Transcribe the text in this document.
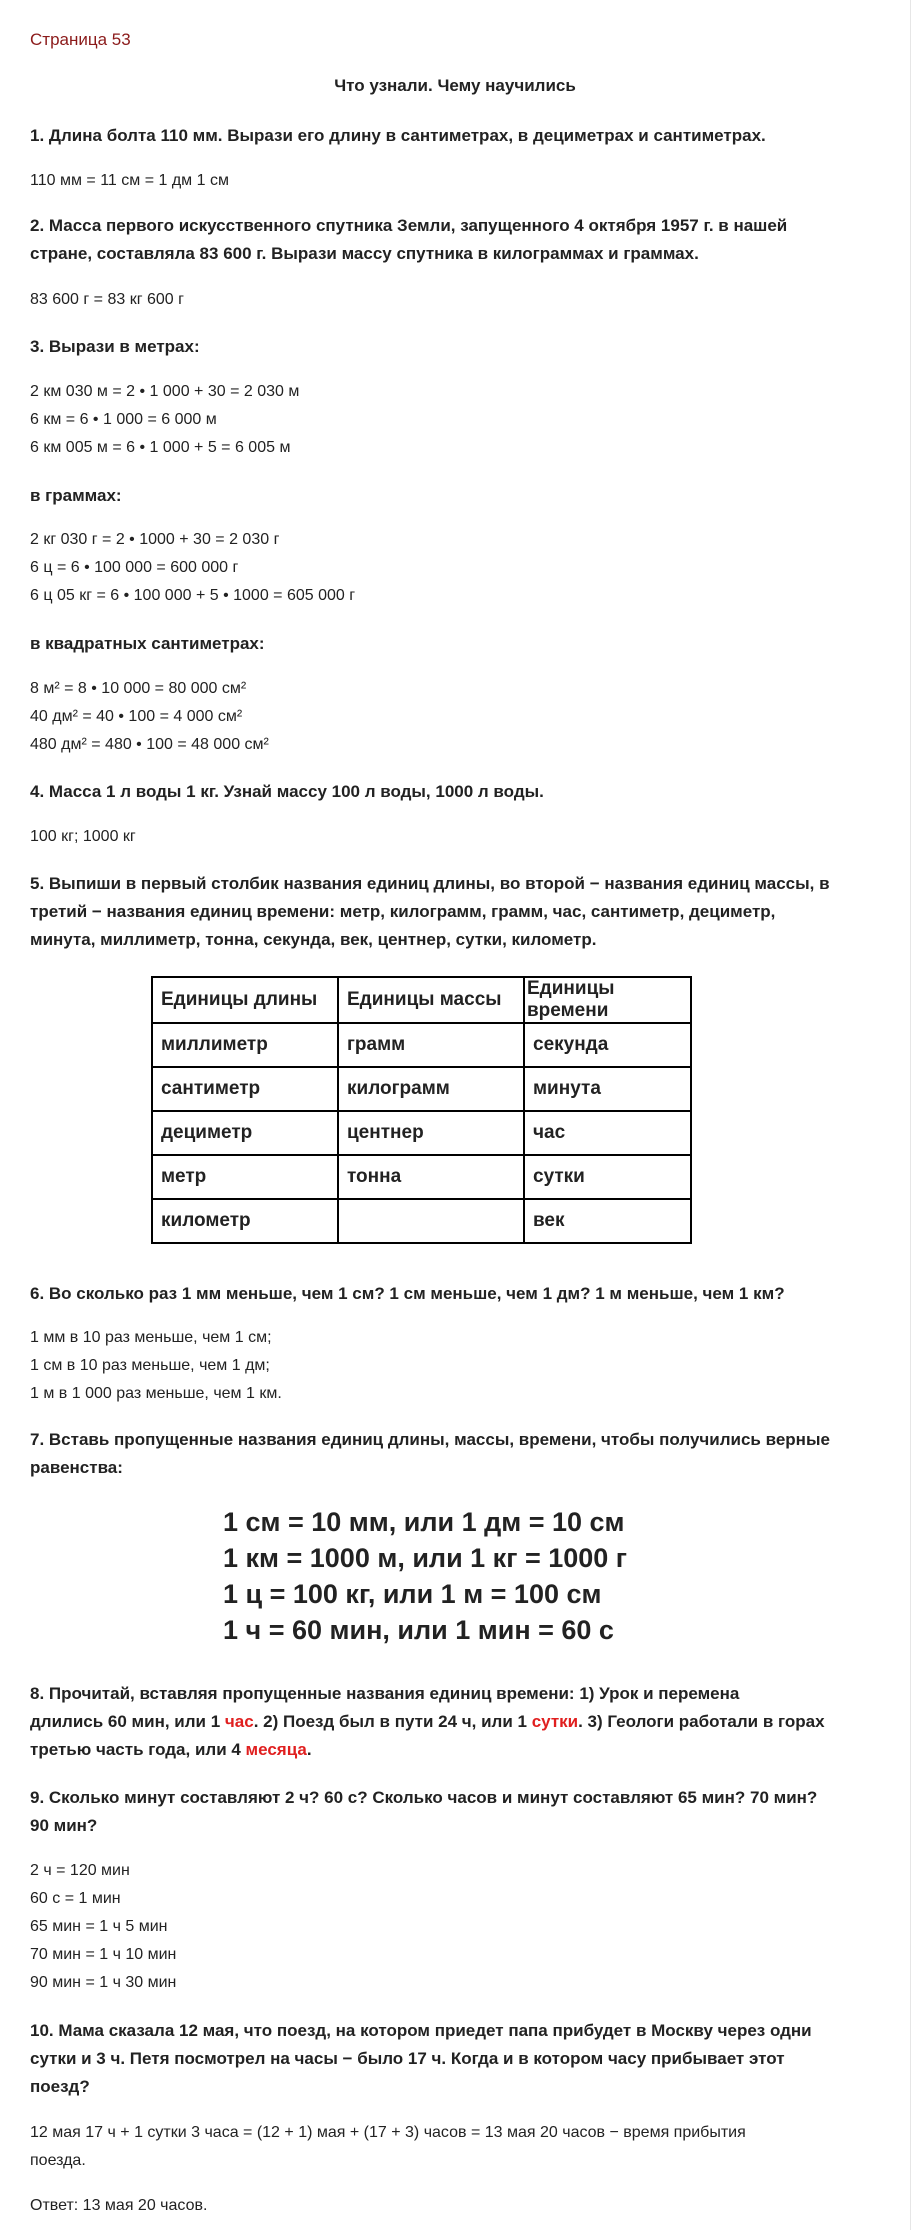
Страница 53
Что узнали. Чему научились
1. Длина болта 110 мм. Вырази его длину в сантиметрах, в дециметрах и сантиметрах.
110 мм = 11 см = 1 дм 1 см
2. Масса первого искусственного спутника Земли, запущенного 4 октября 1957 г. в нашей
стране, составляла 83 600 г. Вырази массу спутника в килограммах и граммах.
83 600 г = 83 кг 600 г
3. Вырази в метрах:
2 км 030 м = 2 • 1 000 + 30 = 2 030 м
6 км = 6 • 1 000 = 6 000 м
6 км 005 м = 6 • 1 000 + 5 = 6 005 м
в граммах:
2 кг 030 г = 2 • 1000 + 30 = 2 030 г
6 ц = 6 • 100 000 = 600 000 г
6 ц 05 кг = 6 • 100 000 + 5 • 1000 = 605 000 г
в квадратных сантиметрах:
8 м² = 8 • 10 000 = 80 000 см²
40 дм² = 40 • 100 = 4 000 см²
480 дм² = 480 • 100 = 48 000 см²
4. Масса 1 л воды 1 кг. Узнай массу 100 л воды, 1000 л воды.
100 кг; 1000 кг
5. Выпиши в первый столбик названия единиц длины, во второй − названия единиц массы, в
третий − названия единиц времени: метр, килограмм, грамм, час, сантиметр, дециметр,
минута, миллиметр, тонна, секунда, век, центнер, сутки, километр.
Единицы длины	Единицы массы	Единицы времени
миллиметр	грамм	секунда
сантиметр	килограмм	минута
дециметр	центнер	час
метр	тонна	сутки
километр		век
6. Во сколько раз 1 мм меньше, чем 1 см? 1 см меньше, чем 1 дм? 1 м меньше, чем 1 км?
1 мм в 10 раз меньше, чем 1 см;
1 см в 10 раз меньше, чем 1 дм;
1 м в 1 000 раз меньше, чем 1 км.
7. Вставь пропущенные названия единиц длины, массы, времени, чтобы получились верные
равенства:
1 см = 10 мм, или 1 дм = 10 см
1 км = 1000 м, или 1 кг = 1000 г
1 ц = 100 кг, или 1 м = 100 см
1 ч = 60 мин, или 1 мин = 60 с
8. Прочитай, вставляя пропущенные названия единиц времени: 1) Урок и перемена
длились 60 мин, или 1 час. 2) Поезд был в пути 24 ч, или 1 сутки. 3) Геологи работали в горах
третью часть года, или 4 месяца.
9. Сколько минут составляют 2 ч? 60 с? Сколько часов и минут составляют 65 мин? 70 мин?
90 мин?
2 ч = 120 мин
60 с = 1 мин
65 мин = 1 ч 5 мин
70 мин = 1 ч 10 мин
90 мин = 1 ч 30 мин
10. Мама сказала 12 мая, что поезд, на котором приедет папа прибудет в Москву через одни
сутки и 3 ч. Петя посмотрел на часы − было 17 ч. Когда и в котором часу прибывает этот
поезд?
12 мая 17 ч + 1 сутки 3 часа = (12 + 1) мая + (17 + 3) часов = 13 мая 20 часов − время прибытия
поезда.
Ответ: 13 мая 20 часов.
